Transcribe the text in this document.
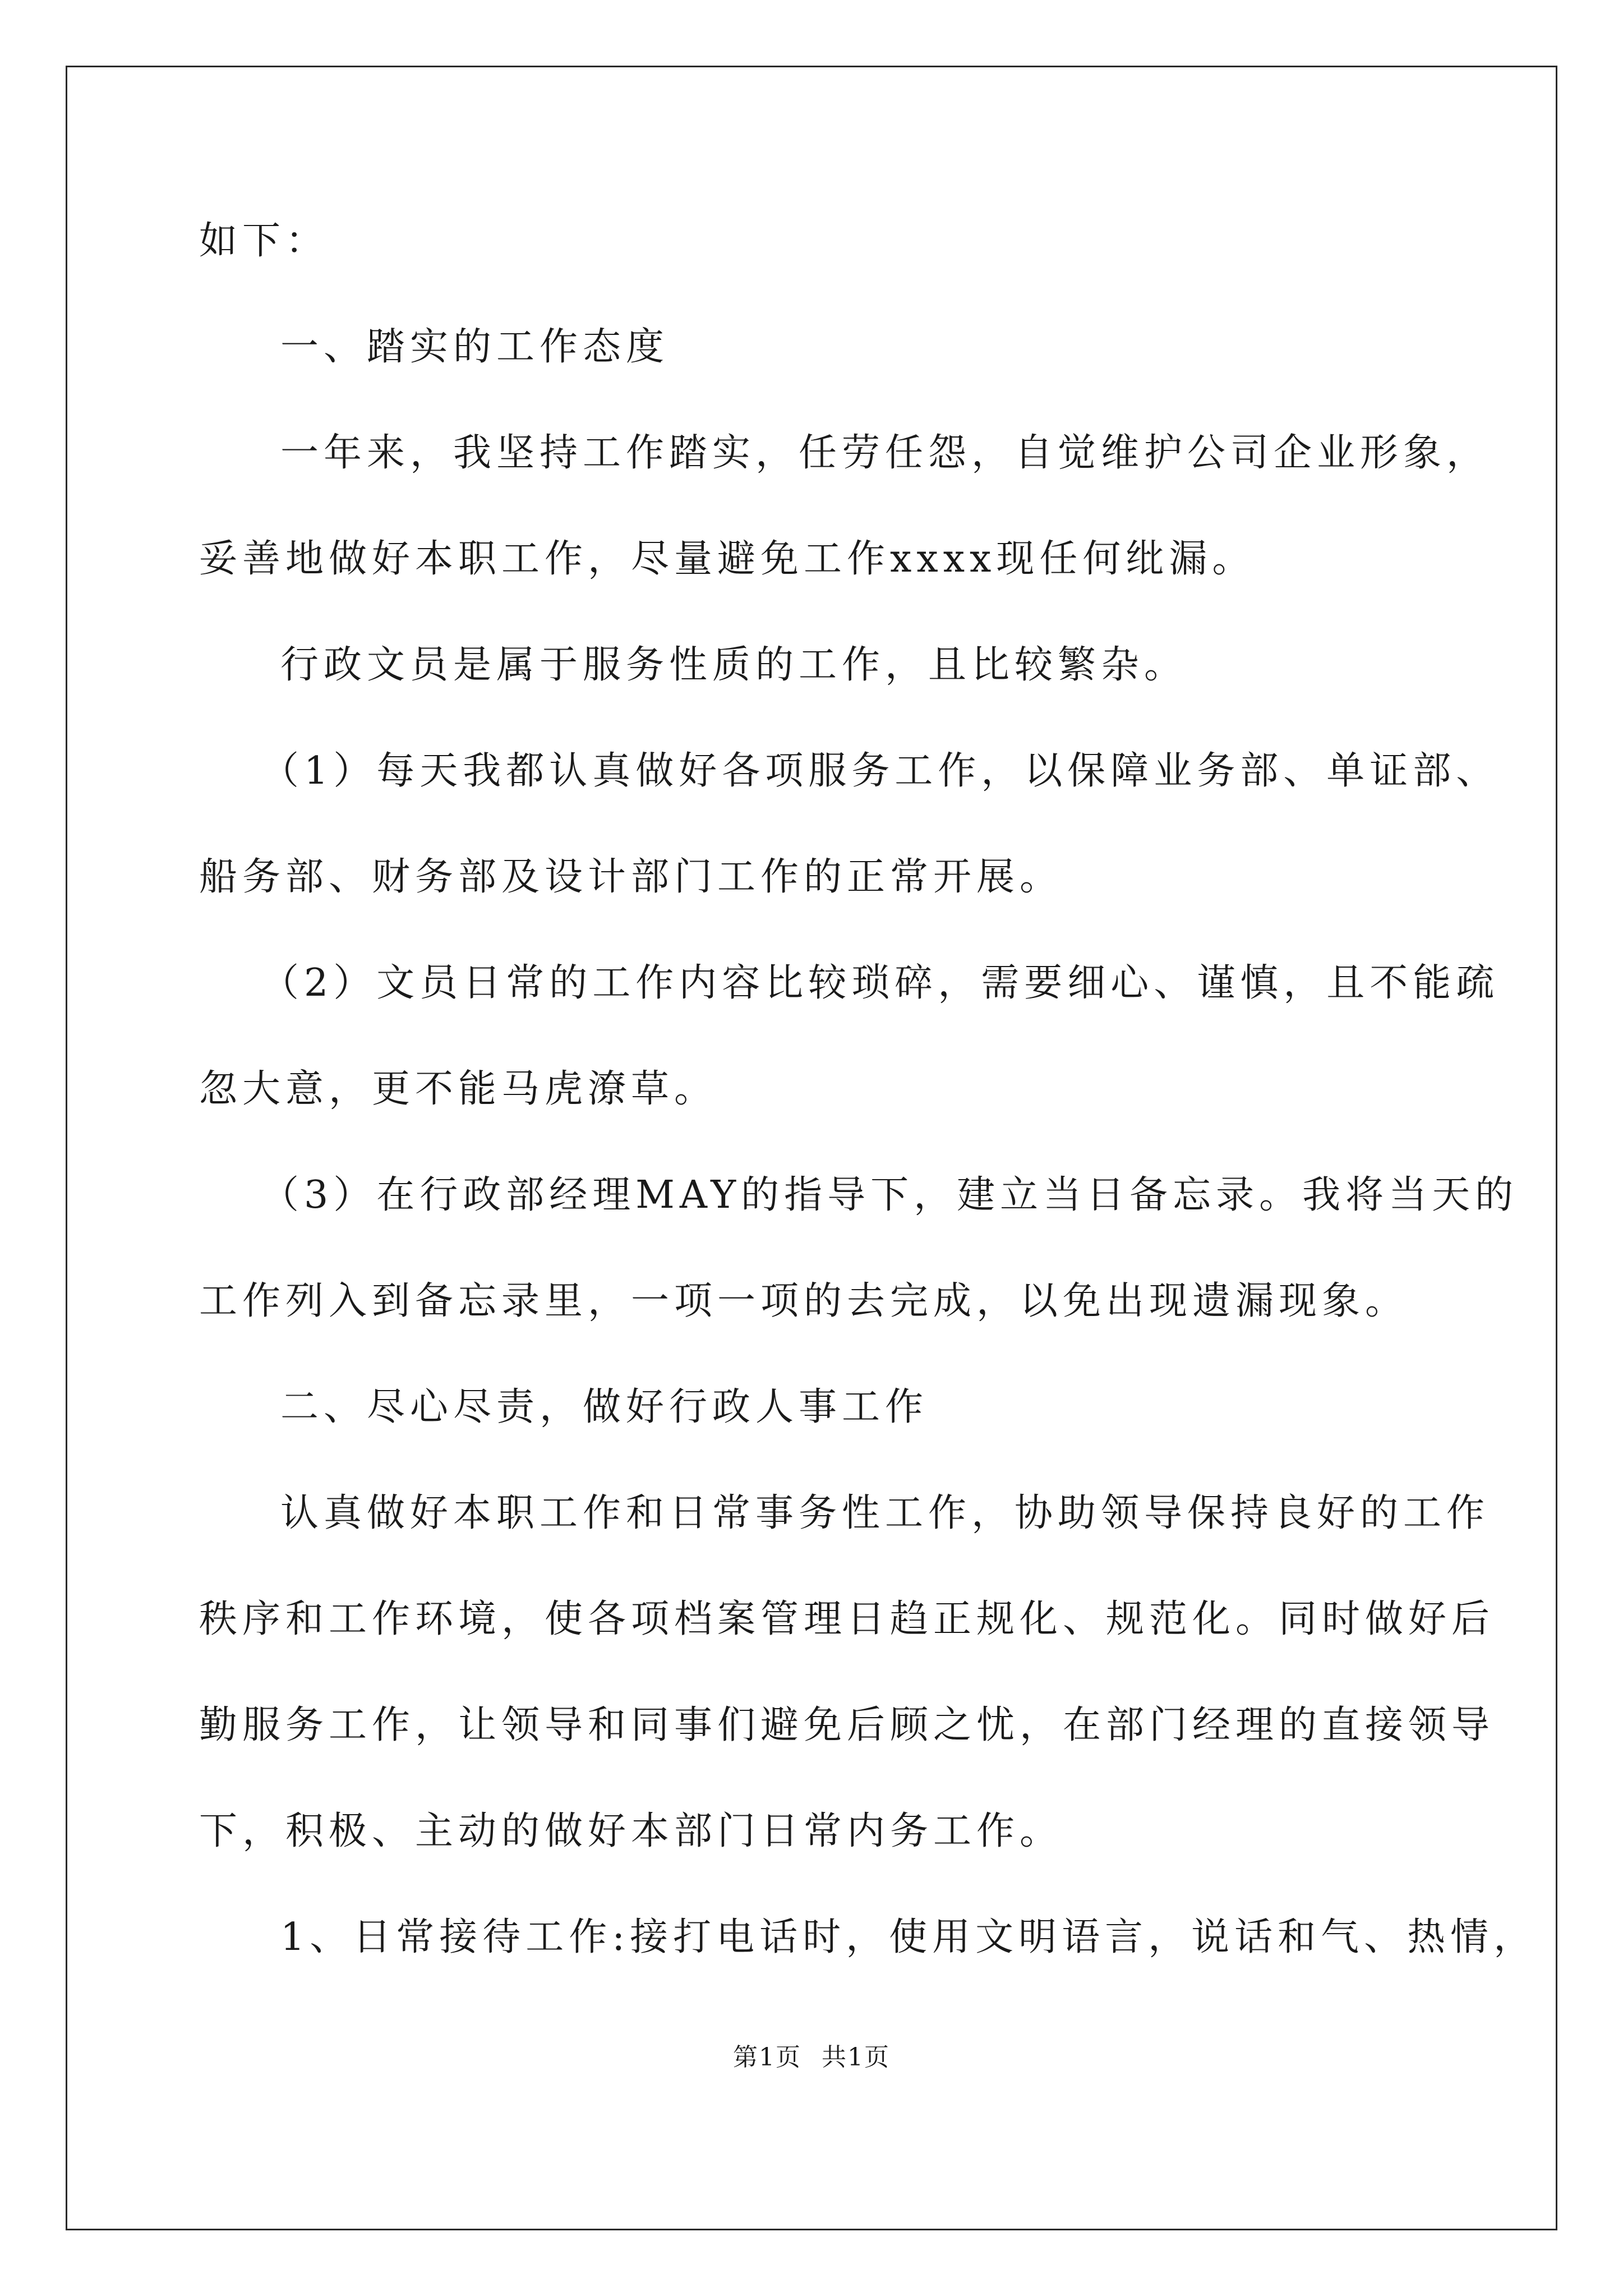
如下：
一、踏实的工作态度
一年来，我坚持工作踏实，任劳任怨，自觉维护公司企业形象，
妥善地做好本职工作，尽量避免工作xxxx现任何纰漏。
行政文员是属于服务性质的工作，且比较繁杂。
（1）每天我都认真做好各项服务工作，以保障业务部、单证部、
船务部、财务部及设计部门工作的正常开展。
（2）文员日常的工作内容比较琐碎，需要细心、谨慎，且不能疏
忽大意，更不能马虎潦草。
（3）在行政部经理MAY的指导下，建立当日备忘录。我将当天的
工作列入到备忘录里，一项一项的去完成，以免出现遗漏现象。
二、尽心尽责，做好行政人事工作
认真做好本职工作和日常事务性工作，协助领导保持良好的工作
秩序和工作环境，使各项档案管理日趋正规化、规范化。同时做好后
勤服务工作，让领导和同事们避免后顾之忧，在部门经理的直接领导
下，积极、主动的做好本部门日常内务工作。
1、日常接待工作:接打电话时，使用文明语言，说话和气、热情，
第1页 共1页
